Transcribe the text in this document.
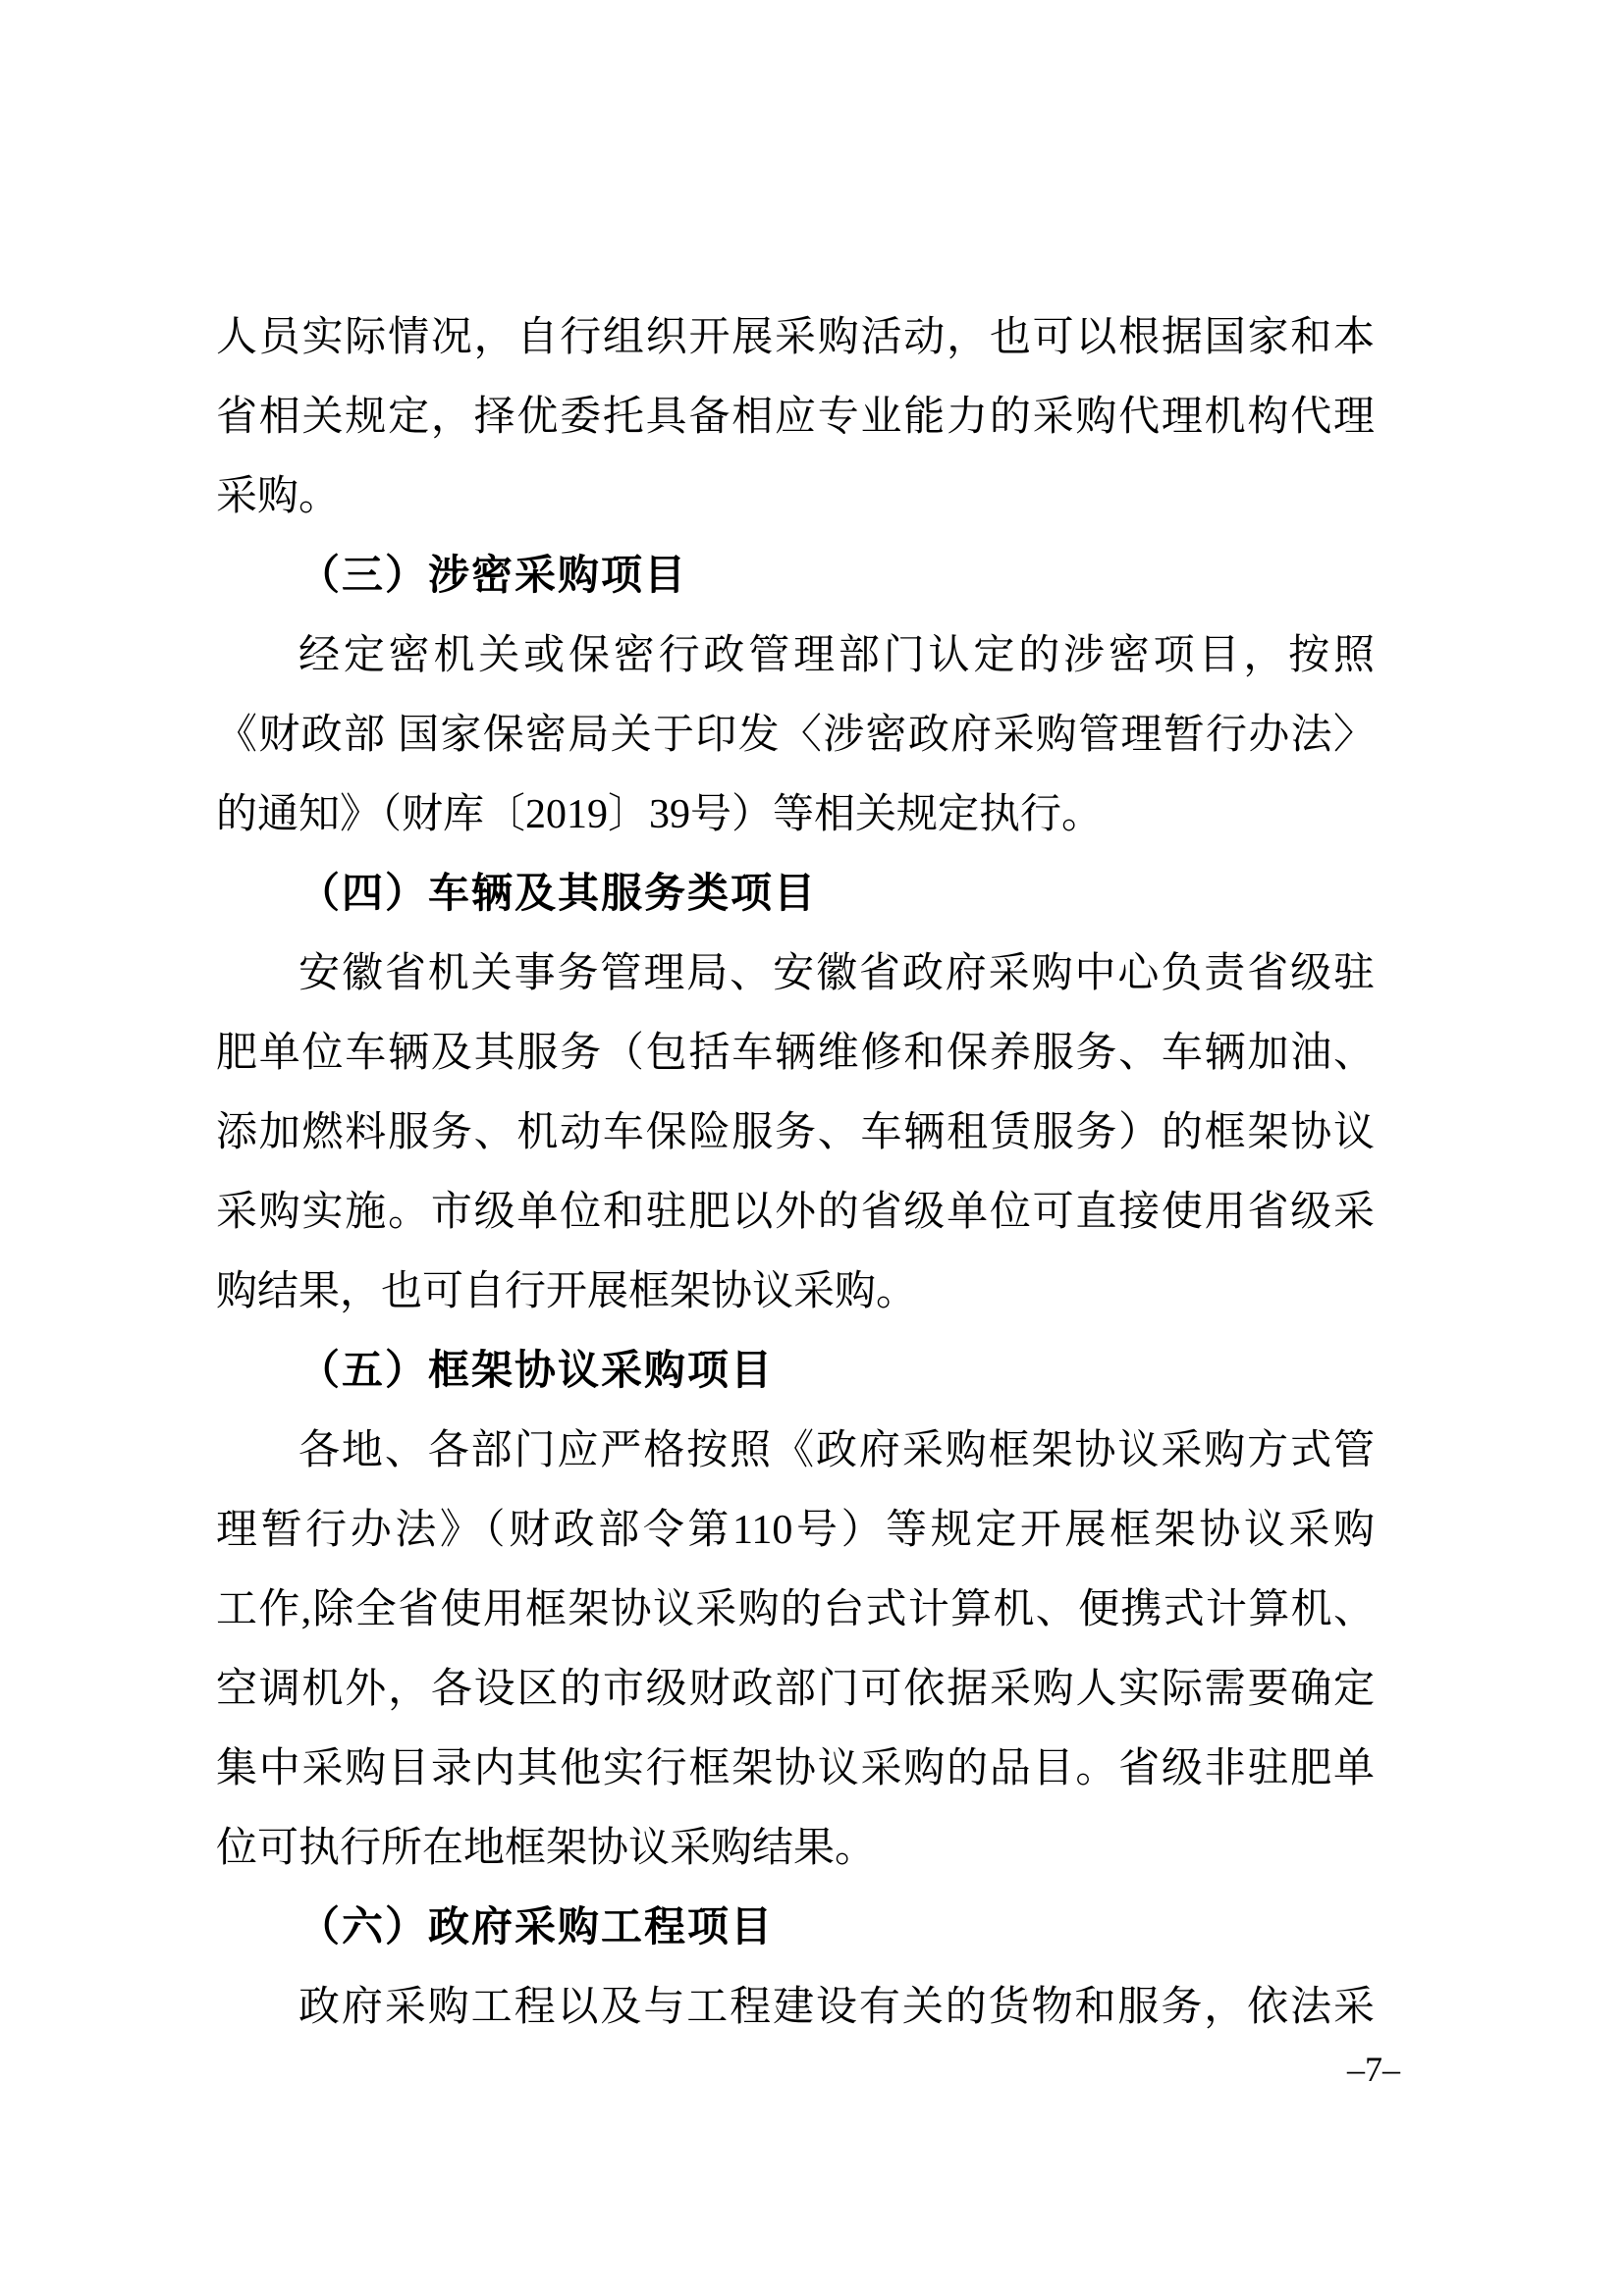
人员实际情况，自行组织开展采购活动，也可以根据国家和本
省相关规定，择优委托具备相应专业能力的采购代理机构代理
采购。
（三）涉密采购项目
经定密机关或保密行政管理部门认定的涉密项目，按照
《财政部 国家保密局关于印发〈涉密政府采购管理暂行办法〉
的通知》（财库〔2019〕39号）等相关规定执行。
（四）车辆及其服务类项目
安徽省机关事务管理局、安徽省政府采购中心负责省级驻
肥单位车辆及其服务（包括车辆维修和保养服务、车辆加油、
添加燃料服务、机动车保险服务、车辆租赁服务）的框架协议
采购实施。市级单位和驻肥以外的省级单位可直接使用省级采
购结果，也可自行开展框架协议采购。
（五）框架协议采购项目
各地、各部门应严格按照《政府采购框架协议采购方式管
理暂行办法》（财政部令第110号）等规定开展框架协议采购
工作,除全省使用框架协议采购的台式计算机、便携式计算机、
空调机外，各设区的市级财政部门可依据采购人实际需要确定
集中采购目录内其他实行框架协议采购的品目。省级非驻肥单
位可执行所在地框架协议采购结果。
（六）政府采购工程项目
政府采购工程以及与工程建设有关的货物和服务，依法采
–7–
